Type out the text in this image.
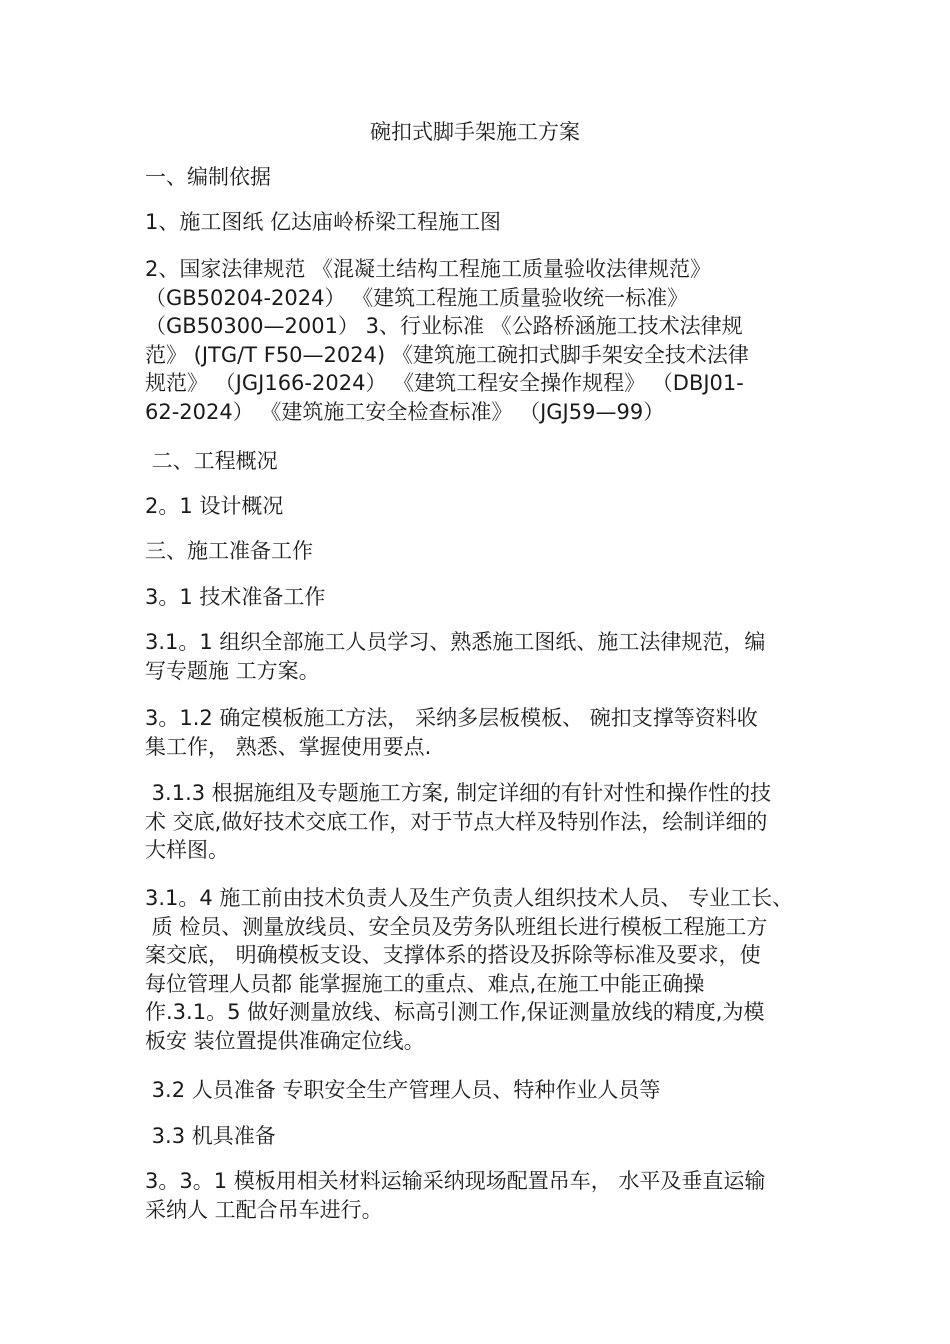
碗扣式脚手架施工方案

一、编制依据

1、施工图纸 亿达庙岭桥梁工程施工图

2、国家法律规范 《混凝土结构工程施工质量验收法律规范》
（GB50204-2024） 《建筑工程施工质量验收统一标准》
（GB50300—2001） 3、行业标准 《公路桥涵施工技术法律规
范》 (JTG/T F50—2024) 《建筑施工碗扣式脚手架安全技术法律
规范》 （JGJ166-2024） 《建筑工程安全操作规程》 （DBJ01-
62-2024） 《建筑施工安全检查标准》 （JGJ59—99）

二、工程概况

2。1 设计概况

三、施工准备工作

3。1 技术准备工作

3.1。1 组织全部施工人员学习、熟悉施工图纸、施工法律规范，编
写专题施 工方案。

3。1.2 确定模板施工方法， 采纳多层板模板、 碗扣支撑等资料收
集工作， 熟悉、掌握使用要点.

3.1.3 根据施组及专题施工方案, 制定详细的有针对性和操作性的技
术 交底,做好技术交底工作，对于节点大样及特别作法，绘制详细的
大样图。

3.1。4 施工前由技术负责人及生产负责人组织技术人员、 专业工长、
质 检员、测量放线员、安全员及劳务队班组长进行模板工程施工方
案交底， 明确模板支设、支撑体系的搭设及拆除等标准及要求，使
每位管理人员都 能掌握施工的重点、难点,在施工中能正确操
作.3.1。5 做好测量放线、标高引测工作,保证测量放线的精度,为模
板安 装位置提供准确定位线。

3.2 人员准备 专职安全生产管理人员、特种作业人员等

3.3 机具准备

3。3。1 模板用相关材料运输采纳现场配置吊车， 水平及垂直运输
采纳人 工配合吊车进行。
